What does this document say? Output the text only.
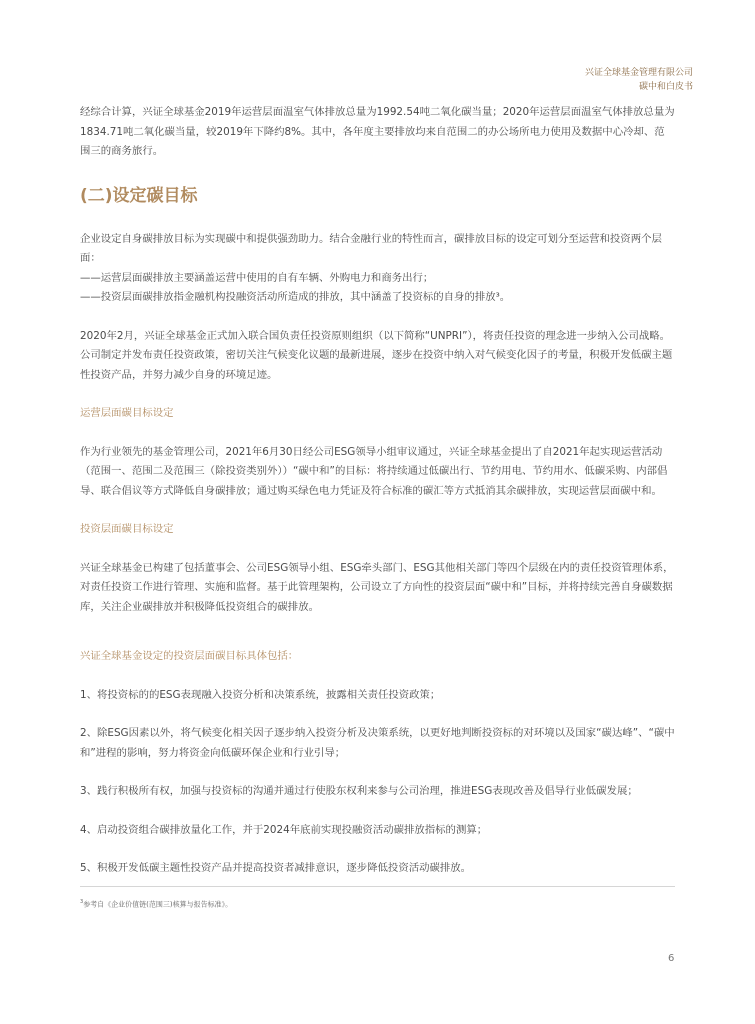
兴证全球基金管理有限公司
碳中和白皮书

经综合计算，兴证全球基金2019年运营层面温室气体排放总量为1992.54吨二氧化碳当量；2020年运营层面温室气体排放总量为1834.71吨二氧化碳当量，较2019年下降约8%。其中，各年度主要排放均来自范围二的办公场所电力使用及数据中心冷却、范围三的商务旅行。

(二)设定碳目标

企业设定自身碳排放目标为实现碳中和提供强劲助力。结合金融行业的特性而言，碳排放目标的设定可划分至运营和投资两个层面：

——运营层面碳排放主要涵盖运营中使用的自有车辆、外购电力和商务出行；

——投资层面碳排放指金融机构投融资活动所造成的排放，其中涵盖了投资标的自身的排放³。

2020年2月，兴证全球基金正式加入联合国负责任投资原则组织（以下简称“UNPRI”），将责任投资的理念进一步纳入公司战略。公司制定并发布责任投资政策，密切关注气候变化议题的最新进展，逐步在投资中纳入对气候变化因子的考量，积极开发低碳主题性投资产品，并努力减少自身的环境足迹。

运营层面碳目标设定

作为行业领先的基金管理公司，2021年6月30日经公司ESG领导小组审议通过，兴证全球基金提出了自2021年起实现运营活动（范围一、范围二及范围三（除投资类别外））“碳中和”的目标：将持续通过低碳出行、节约用电、节约用水、低碳采购、内部倡导、联合倡议等方式降低自身碳排放；通过购买绿色电力凭证及符合标准的碳汇等方式抵消其余碳排放，实现运营层面碳中和。

投资层面碳目标设定

兴证全球基金已构建了包括董事会、公司ESG领导小组、ESG牵头部门、ESG其他相关部门等四个层级在内的责任投资管理体系，对责任投资工作进行管理、实施和监督。基于此管理架构，公司设立了方向性的投资层面“碳中和”目标，并将持续完善自身碳数据库，关注企业碳排放并积极降低投资组合的碳排放。

兴证全球基金设定的投资层面碳目标具体包括：

1、将投资标的的ESG表现融入投资分析和决策系统，披露相关责任投资政策；

2、除ESG因素以外，将气候变化相关因子逐步纳入投资分析及决策系统，以更好地判断投资标的对环境以及国家“碳达峰”、“碳中和”进程的影响，努力将资金向低碳环保企业和行业引导；

3、践行积极所有权，加强与投资标的沟通并通过行使股东权利来参与公司治理，推进ESG表现改善及倡导行业低碳发展；

4、启动投资组合碳排放量化工作，并于2024年底前实现投融资活动碳排放指标的测算；

5、积极开发低碳主题性投资产品并提高投资者减排意识，逐步降低投资活动碳排放。

$^3$参考自《企业价值链(范围三)核算与报告标准》。
6
